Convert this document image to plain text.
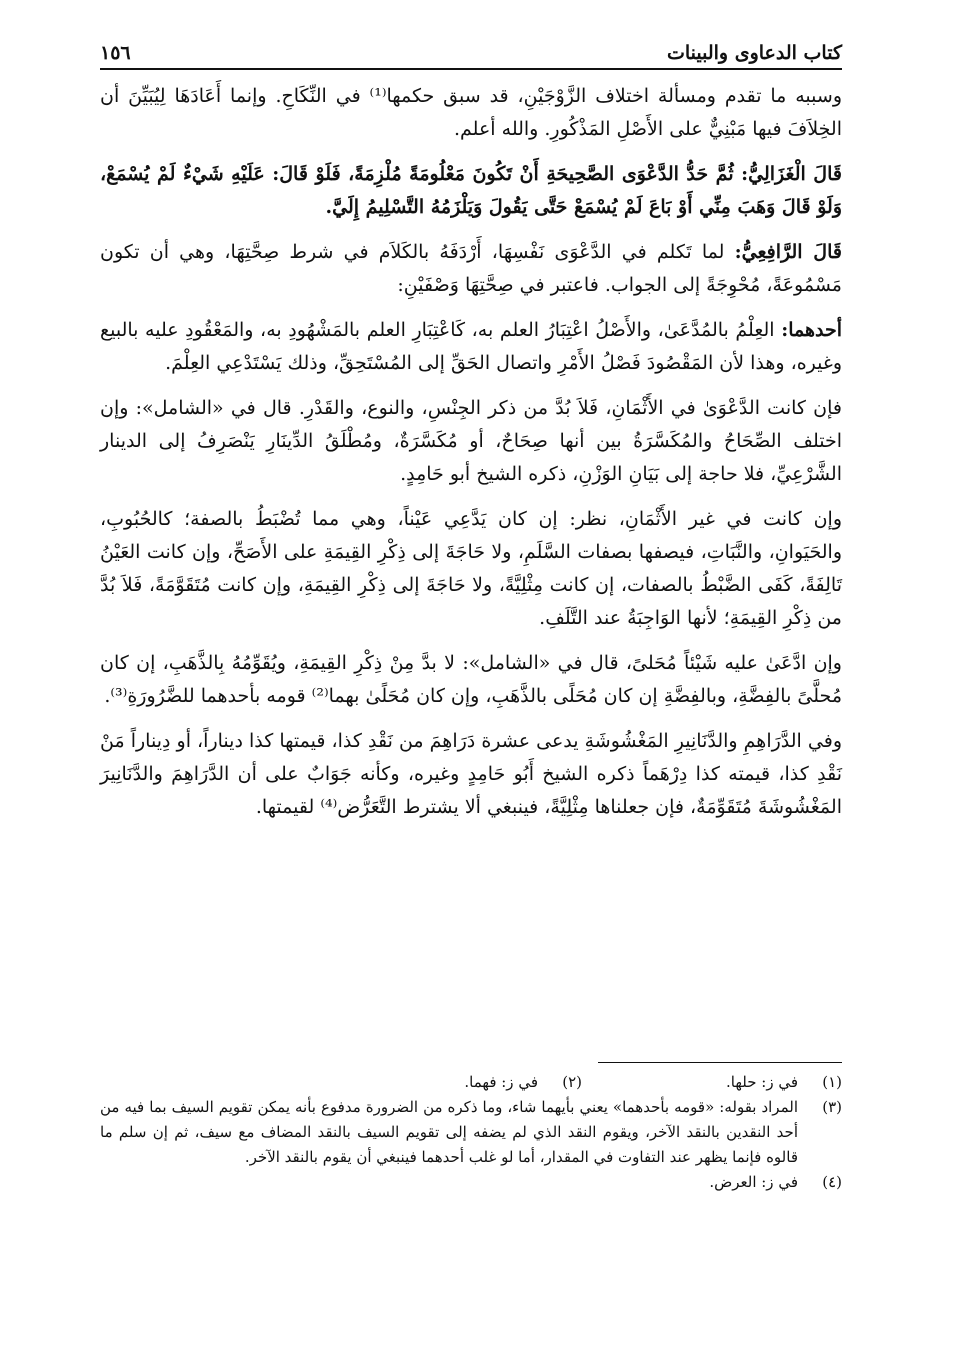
كتاب الدعاوى والبينات
١٥٦

وسببه ما تقدم ومسألة اختلاف الزَّوْجَيْنِ، قد سبق حكمها⁽¹⁾ في النِّكَاحِ. وإنما أَعَادَهَا لِيُبَيِّنَ أن الخِلاَفَ فيها مَبْنِيٌّ على الأَصْلِ المَذْكُورِ. والله أعلم.

قَالَ الْغَزَالِيُّ: ثُمَّ حَدُّ الدَّعْوَى الصَّحِيحَةِ أَنْ تَكُونَ مَعْلُومَةً مُلْزِمَةً، فَلَوْ قَالَ: عَلَيْهِ شَيْءٌ لَمْ يُسْمَعْ، وَلَوْ قَالَ وَهَبَ مِنِّي أَوْ بَاعَ لَمْ يُسْمَعْ حَتَّى يَقُولَ وَيَلْزَمُهُ التَّسْلِيمُ إِلَيَّ.

قَالَ الرَّافِعِيُّ: لما تَكلم في الدَّعْوَى نَفْسِهَا، أَرْدَفَهُ بالكَلاَم في شرط صِحَّتِهَا، وهي أن تكون مَسْمُوعَةً، مُحْوِجَةً إلى الجواب. فاعتبر في صِحَّتِهَا وَصْفَيْنِ:

أحدهما: العِلْمُ بالمُدَّعَىٰ، والأَصْلُ اعْتِبَارُ العلم به، كَاعْتِبَارِ العلم بالمَشْهُودِ به، والمَعْقُودِ عليه بالبيع وغيره، وهذا لأن المَقْصُودَ فَصْلُ الأَمْرِ واتصال الحَقِّ إلى المُسْتَحِقِّ، وذلك يَسْتَدْعِي العِلْمَ.

فإن كانت الدَّعْوَىٰ في الأَثْمَانِ، فَلاَ بُدَّ من ذكر الجِنْسِ، والنوع، والقَدْرِ. قال في «الشامل»: وإن اختلف الصِّحَاحُ والمُكَسَّرَةُ بين أنها صِحَاحٌ، أو مُكَسَّرَةٌ، ومُطْلَقُ الدِّينَارِ يَنْصَرِفُ إلى الدينار الشَّرْعِيِّ، فلا حاجة إلى بَيَانِ الوَزْنِ، ذكره الشيخ أبو حَامِدٍ.

وإن كانت في غير الأَثْمَانِ، نظر: إن كان يَدَّعِي عَيْناً، وهي مما تُضْبَطُ بالصفة؛ كالحُبُوبِ، والحَيَوانِ، والنَّبَاتِ، فيصفها بصفات السَّلَمِ، ولا حَاجَةَ إلى ذِكْرِ القِيمَةِ على الأَصَحِّ، وإن كانت العَيْنُ تَالِفَةً، كَفَى الضَّبْطُ بالصفات، إن كانت مِثْلِيَّةً، ولا حَاجَةَ إلى ذِكْرِ القِيمَةِ، وإن كانت مُتَقَوَّمَةً، فَلاَ بُدَّ من ذِكْرِ القِيمَةِ؛ لأنها الوَاجِبَةُ عند التَّلَفِ.

وإن ادَّعَىٰ عليه شَيْئاً مُحَلىً، قال في «الشامل»: لا بدَّ مِنْ ذِكْرِ القِيمَةِ، ويُقَوِّمُهُ بِالذَّهَبِ، إن كان مُحلَّىً بالفِضَّةِ، وبالفِضَّةِ إن كان مُحَلًى بالذَّهَبِ، وإن كان مُحَلًىٰ بهما⁽²⁾ قومه بأحدهما للضَّرُورَةِ⁽³⁾.

وفي الدَّرَاهِمِ والدَّنَانِيرِ المَغْشُوشَةِ يدعى عشرة دَرَاهِمَ من نَقْدِ كذا، قيمتها كذا ديناراً، أو دِيناراً مَنْ نَقْدِ كذا، قيمته كذا دِرْهَماً ذكره الشيخ أَبُو حَامِدٍ وغيره، وكأنه جَوَابٌ على أن الدَّرَاهِمَ والدَّنَانِيرَ المَغْشُوشَةَ مُتَقَوِّمَةٌ، فإن جعلناها مِثْلِيَّةً، فينبغي ألا يشترط التَّعَرُّض⁽⁴⁾ لقيمتها.

(١)
في ز: حلها.
(٢)
في ز: فهما.
(٣)
المراد بقوله: «قومه بأحدهما» يعني بأيهما شاء، وما ذكره من الضرورة مدفوع بأنه يمكن تقويم السيف بما فيه من أحد النقدين بالنقد الآخر، ويقوم النقد الذي لم يضفه إلى تقويم السيف بالنقد المضاف مع سيف، ثم إن سلم ما قالوه فإنما يظهر عند التفاوت في المقدار، أما لو غلب أحدهما فينبغي أن يقوم بالنقد الآخر.
(٤)
في ز: العرض.
